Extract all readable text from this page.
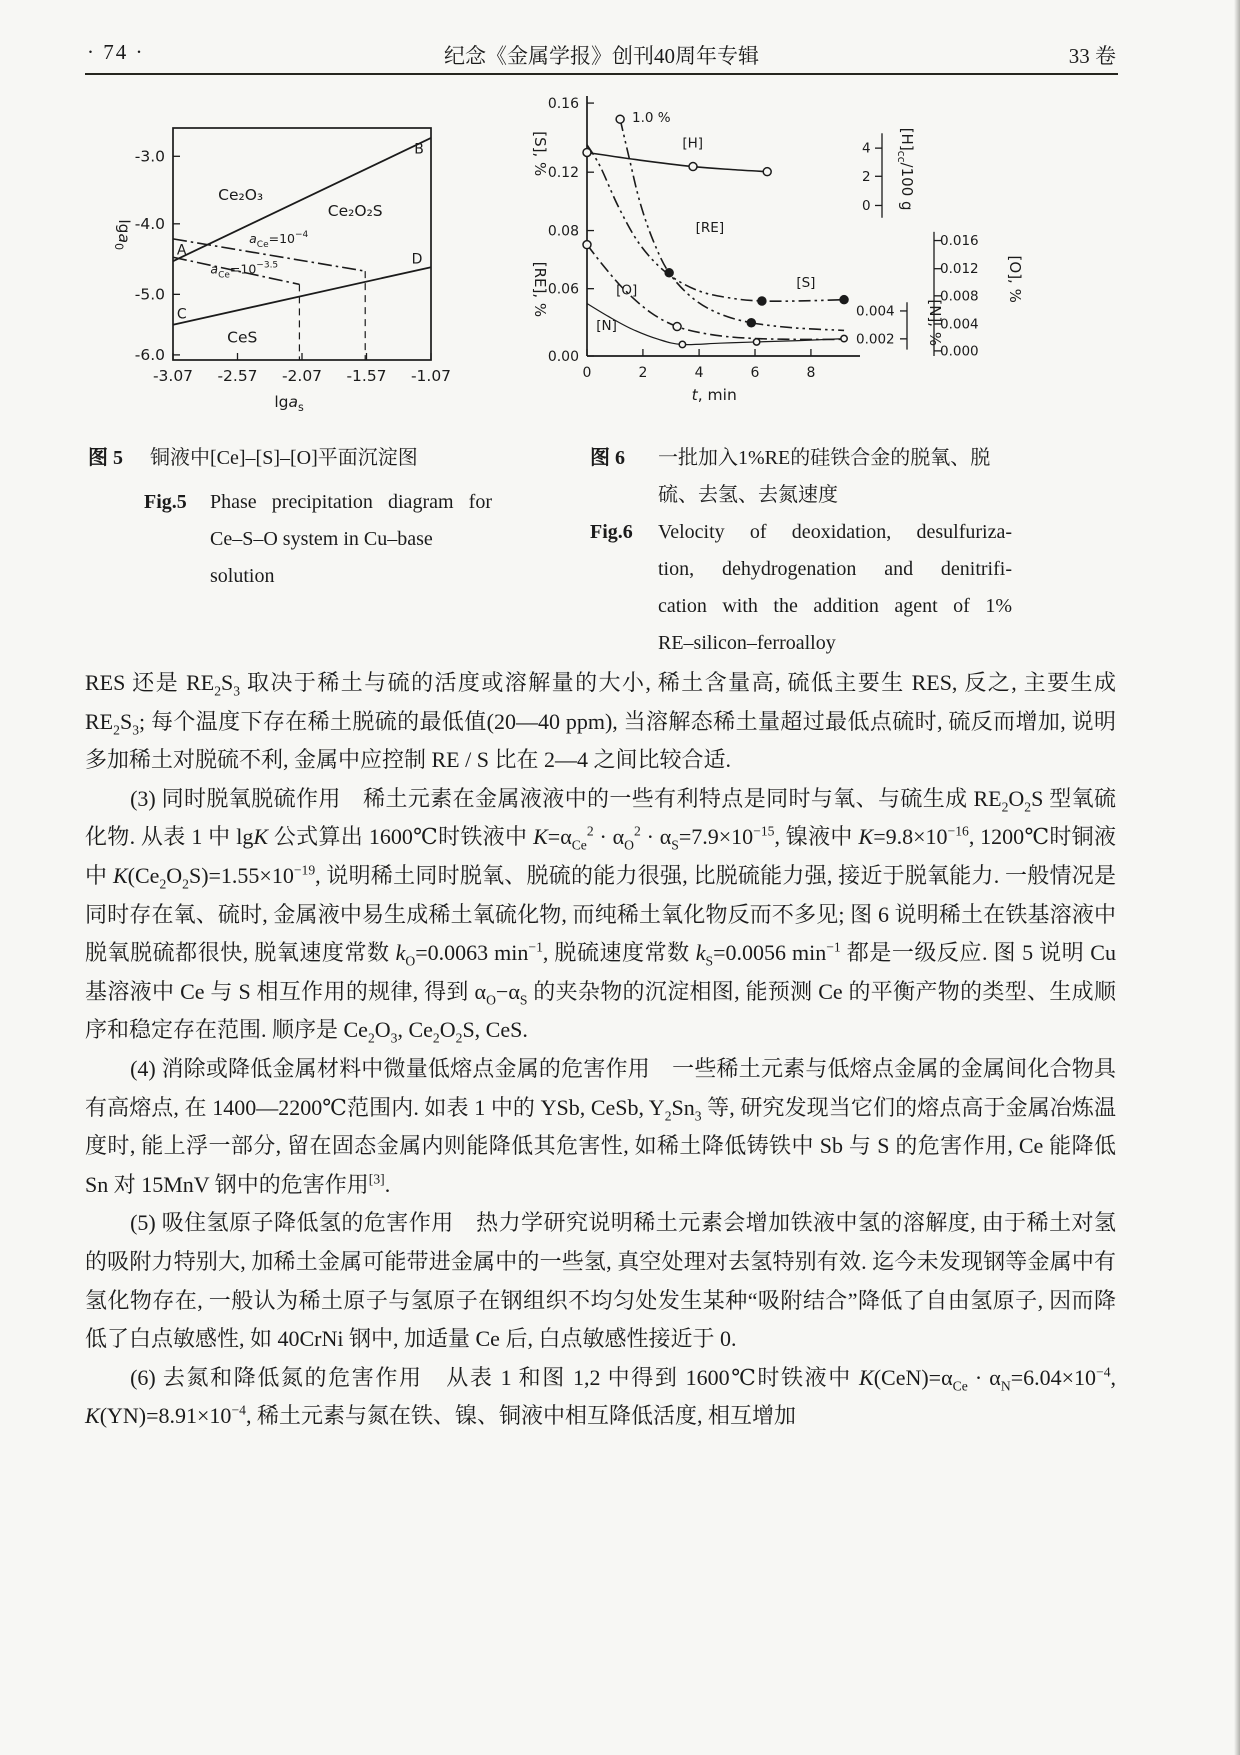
· 74 ·	纪念《金属学报》创刊40周年专辑	33 卷
-3.0
-4.0
-5.0
-6.0
-3.07 -2.57 -2.07 -1.57 -1.07
lga$_0$
lga$_s$
Ce₂O₃
Ce₂O₂S
CeS
A
B
C
D
$a_{Ce}=10^{-4}$
$a_{Ce}=10^{-3.5}$
0.16
0.12
0.08
0.06
0.00
0	2	4	6	8
4
2
0
0.004
0.002
0.016
0.012
0.008
0.004
0.000
[S], %
[RE], %
$[H]_{cc}/100$ g
[N], %
[O], %
t, min
1.0 %
[H]
[RE]
[O]	[S]
[N]
图 5	铜液中[Ce]–[S]–[O]平面沉淀图
Fig.5	Phase precipitation diagram for
Ce–S–O system in Cu–base solution
图 6	一批加入1%RE的硅铁合金的脱氧、脱
硫、去氢、去氮速度
Fig.6	Velocity of deoxidation, desulfuriza-
tion, dehydrogenation and denitrifi-
cation with the addition agent of 1%
RE–silicon–ferroalloy

RES 还是 $RE_2S_3$ 取决于稀土与硫的活度或溶解量的大小, 稀土含量高, 硫低主要生 RES, 反之, 主要生成 $RE_2S_3$; 每个温度下存在稀土脱硫的最低值(20—40 ppm), 当溶解态稀土量超过最低点硫时, 硫反而增加, 说明多加稀土对脱硫不利, 金属中应控制 RE / S 比在 2—4 之间比较合适.

(3) 同时脱氧脱硫作用　稀土元素在金属液液中的一些有利特点是同时与氧、与硫生成 $RE_2O_2S$ 型氧硫化物. 从表 1 中 lgK 公式算出 1600℃时铁液中 $K=\alpha_{Ce}^2 \cdot \alpha_O^2 \cdot \alpha_S=7.9\times 10^{-15}$, 镍液中 $K=9.8\times 10^{-16}$, 1200℃时铜液中 $K(Ce_2O_2S)=1.55\times 10^{-19}$, 说明稀土同时脱氧、脱硫的能力很强, 比脱硫能力强, 接近于脱氧能力. 一般情况是同时存在氧、硫时, 金属液中易生成稀土氧硫化物, 而纯稀土氧化物反而不多见; 图 6 说明稀土在铁基溶液中脱氧脱硫都很快, 脱氧速度常数 $k_O=0.0063$ $\min^{-1}$, 脱硫速度常数 $k_S=0.0056$ $\min^{-1}$ 都是一级反应. 图 5 说明 Cu 基溶液中 Ce 与 S 相互作用的规律, 得到 $\alpha_O-\alpha_S$ 的夹杂物的沉淀相图, 能预测 Ce 的平衡产物的类型、生成顺序和稳定存在范围. 顺序是 $Ce_2O_3$, $Ce_2O_2S$, CeS.

(4) 消除或降低金属材料中微量低熔点金属的危害作用　一些稀土元素与低熔点金属的金属间化合物具有高熔点, 在 1400—2200℃范围内. 如表 1 中的 YSb, CeSb, $Y_2Sn_3$ 等, 研究发现当它们的熔点高于金属冶炼温度时, 能上浮一部分, 留在固态金属内则能降低其危害性, 如稀土降低铸铁中 Sb 与 S 的危害作用, Ce 能降低 Sn 对 15MnV 钢中的危害作用[3].

(5) 吸住氢原子降低氢的危害作用　热力学研究说明稀土元素会增加铁液中氢的溶解度, 由于稀土对氢的吸附力特别大, 加稀土金属可能带进金属中的一些氢, 真空处理对去氢特别有效. 迄今未发现钢等金属中有氢化物存在, 一般认为稀土原子与氢原子在钢组织不均匀处发生某种“吸附结合”降低了自由氢原子, 因而降低了白点敏感性, 如 40CrNi 钢中, 加适量 Ce 后, 白点敏感性接近于 0.

(6) 去氮和降低氮的危害作用　从表 1 和图 1,2 中得到 1600℃时铁液中 $K(CeN)=\alpha_{Ce} \cdot \alpha_N=6.04\times 10^{-4}$, $K(YN)=8.91\times 10^{-4}$, 稀土元素与氮在铁、镍、铜液中相互降低活度, 相互增加
